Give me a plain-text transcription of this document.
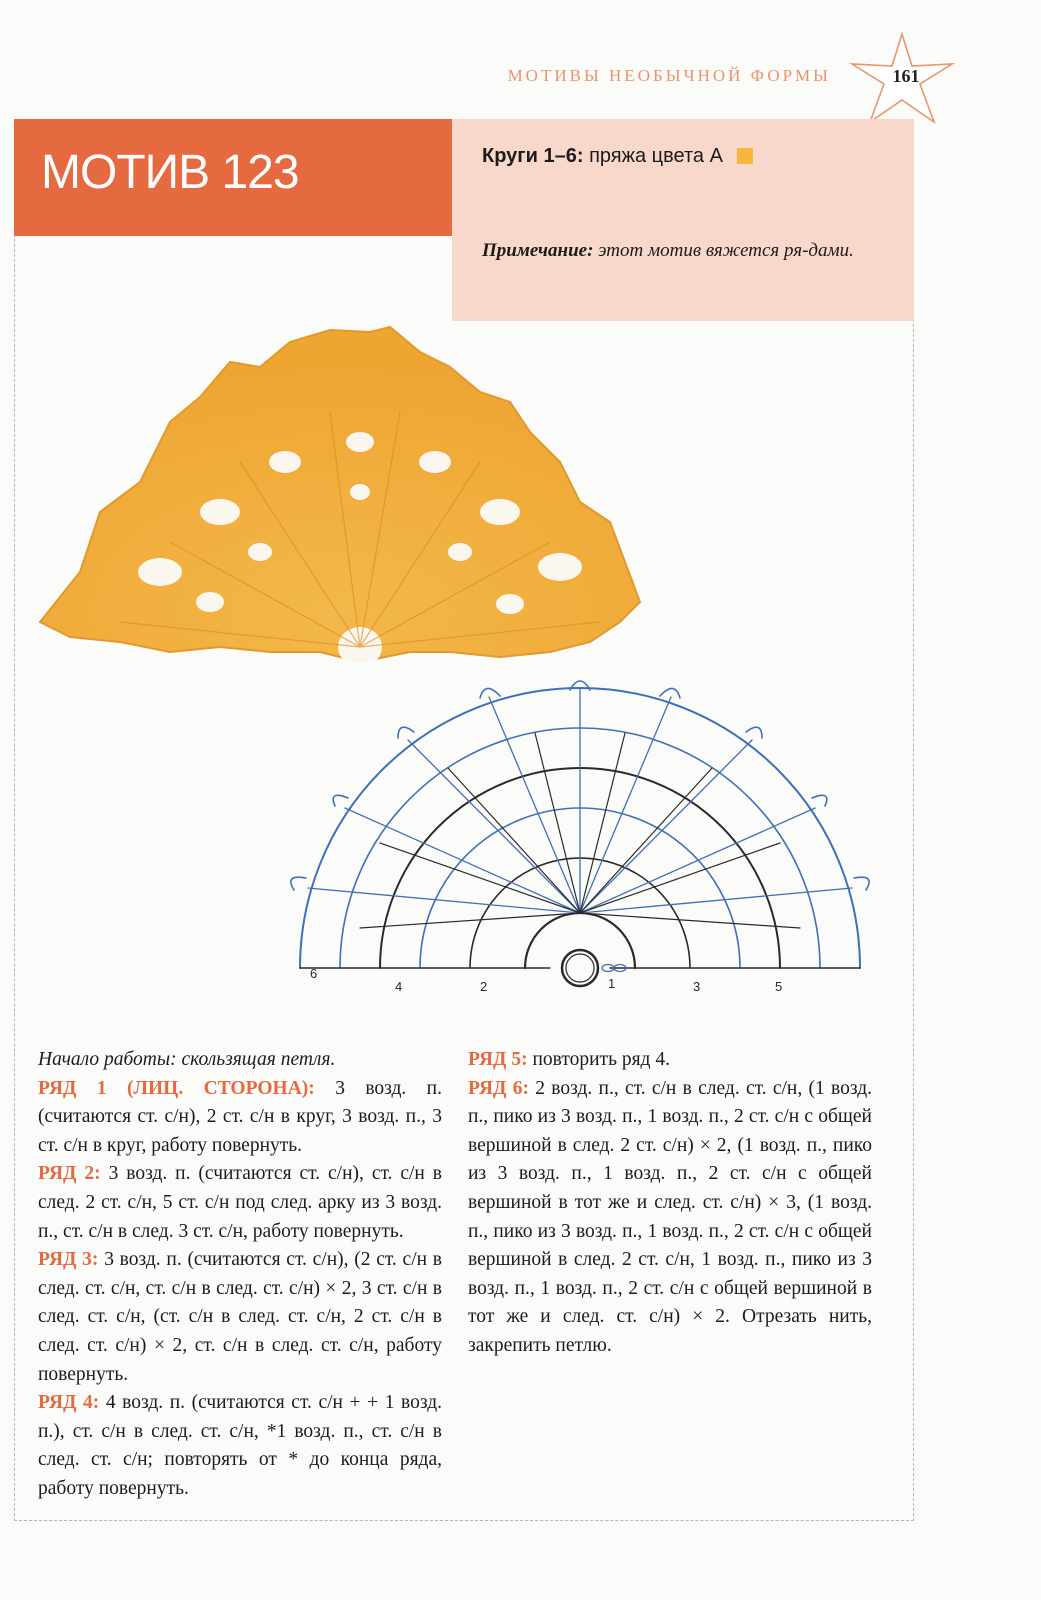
МОТИВЫ НЕОБЫЧНОЙ ФОРМЫ	161
МОТИВ 123	Круги 1–6: пряжа цвета А
Примечание: этот мотив вяжется ря-дами.
6
4	2	1	3	5

Начало работы: скользящая петля.

РЯД 1 (ЛИЦ. СТОРОНА): 3 возд. п. (считаются ст. с/н), 2 ст. с/н в круг, 3 возд. п., 3 ст. с/н в круг, работу повернуть.

РЯД 2: 3 возд. п. (считаются ст. с/н), ст. с/н в след. 2 ст. с/н, 5 ст. с/н под след. арку из 3 возд. п., ст. с/н в след. 3 ст. с/н, работу повернуть.

РЯД 3: 3 возд. п. (считаются ст. с/н), (2 ст. с/н в след. ст. с/н, ст. с/н в след. ст. с/н) × 2, 3 ст. с/н в след. ст. с/н, (ст. с/н в след. ст. с/н, 2 ст. с/н в след. ст. с/н) × 2, ст. с/н в след. ст. с/н, работу повернуть.

РЯД 4: 4 возд. п. (считаются ст. с/н + + 1 возд. п.), ст. с/н в след. ст. с/н, *1 возд. п., ст. с/н в след. ст. с/н; повторять от * до конца ряда, работу повернуть.

РЯД 5: повторить ряд 4.

РЯД 6: 2 возд. п., ст. с/н в след. ст. с/н, (1 возд. п., пико из 3 возд. п., 1 возд. п., 2 ст. с/н с общей вершиной в след. 2 ст. с/н) × 2, (1 возд. п., пико из 3 возд. п., 1 возд. п., 2 ст. с/н с общей вершиной в тот же и след. ст. с/н) × 3, (1 возд. п., пико из 3 возд. п., 1 возд. п., 2 ст. с/н с общей вершиной в след. 2 ст. с/н, 1 возд. п., пико из 3 возд. п., 1 возд. п., 2 ст. с/н с общей вершиной в тот же и след. ст. с/н) × 2. Отрезать нить, закрепить петлю.
